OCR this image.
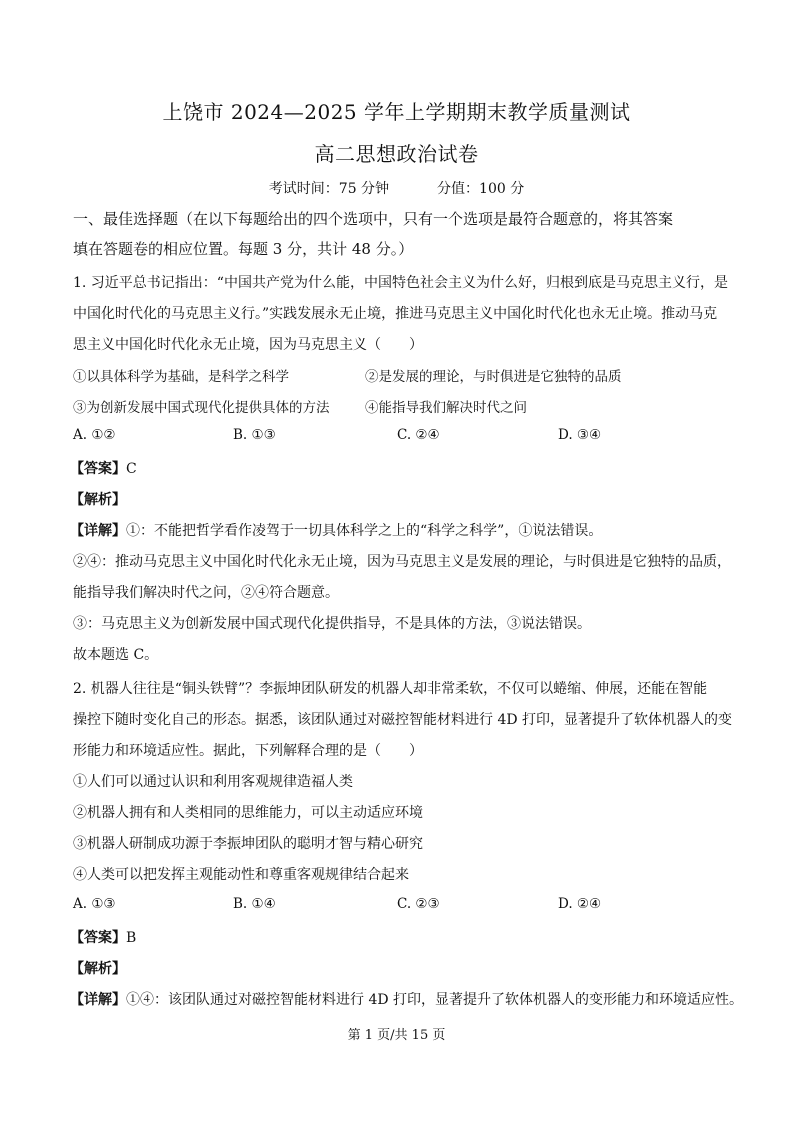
上饶市 2024—2025 学年上学期期末教学质量测试
高二思想政治试卷
考试时间：75 分钟	分值：100 分
一、最佳选择题（在以下每题给出的四个选项中，只有一个选项是最符合题意的，将其答案
填在答题卷的相应位置。每题 3 分，共计 48 分。）
1. 习近平总书记指出：“中国共产党为什么能，中国特色社会主义为什么好，归根到底是马克思主义行，是
中国化时代化的马克思主义行。”实践发展永无止境，推进马克思主义中国化时代化也永无止境。推动马克
思主义中国化时代化永无止境，因为马克思主义（　　）
①以具体科学为基础，是科学之科学	②是发展的理论，与时俱进是它独特的品质
③为创新发展中国式现代化提供具体的方法	④能指导我们解决时代之问
A. ①②	B. ①③	C. ②④	D. ③④
【答案】C
【解析】
【详解】①：不能把哲学看作凌驾于一切具体科学之上的“科学之科学”，①说法错误。
②④：推动马克思主义中国化时代化永无止境，因为马克思主义是发展的理论，与时俱进是它独特的品质，
能指导我们解决时代之问，②④符合题意。
③：马克思主义为创新发展中国式现代化提供指导，不是具体的方法，③说法错误。
故本题选 C。
2. 机器人往往是“铜头铁臂”？李振坤团队研发的机器人却非常柔软，不仅可以蜷缩、伸展，还能在智能
操控下随时变化自己的形态。据悉，该团队通过对磁控智能材料进行 4D 打印，显著提升了软体机器人的变
形能力和环境适应性。据此，下列解释合理的是（　　）
①人们可以通过认识和利用客观规律造福人类
②机器人拥有和人类相同的思维能力，可以主动适应环境
③机器人研制成功源于李振坤团队的聪明才智与精心研究
④人类可以把发挥主观能动性和尊重客观规律结合起来
A. ①③	B. ①④	C. ②③	D. ②④
【答案】B
【解析】
【详解】①④：该团队通过对磁控智能材料进行 4D 打印，显著提升了软体机器人的变形能力和环境适应性。
第 1 页/共 15 页
